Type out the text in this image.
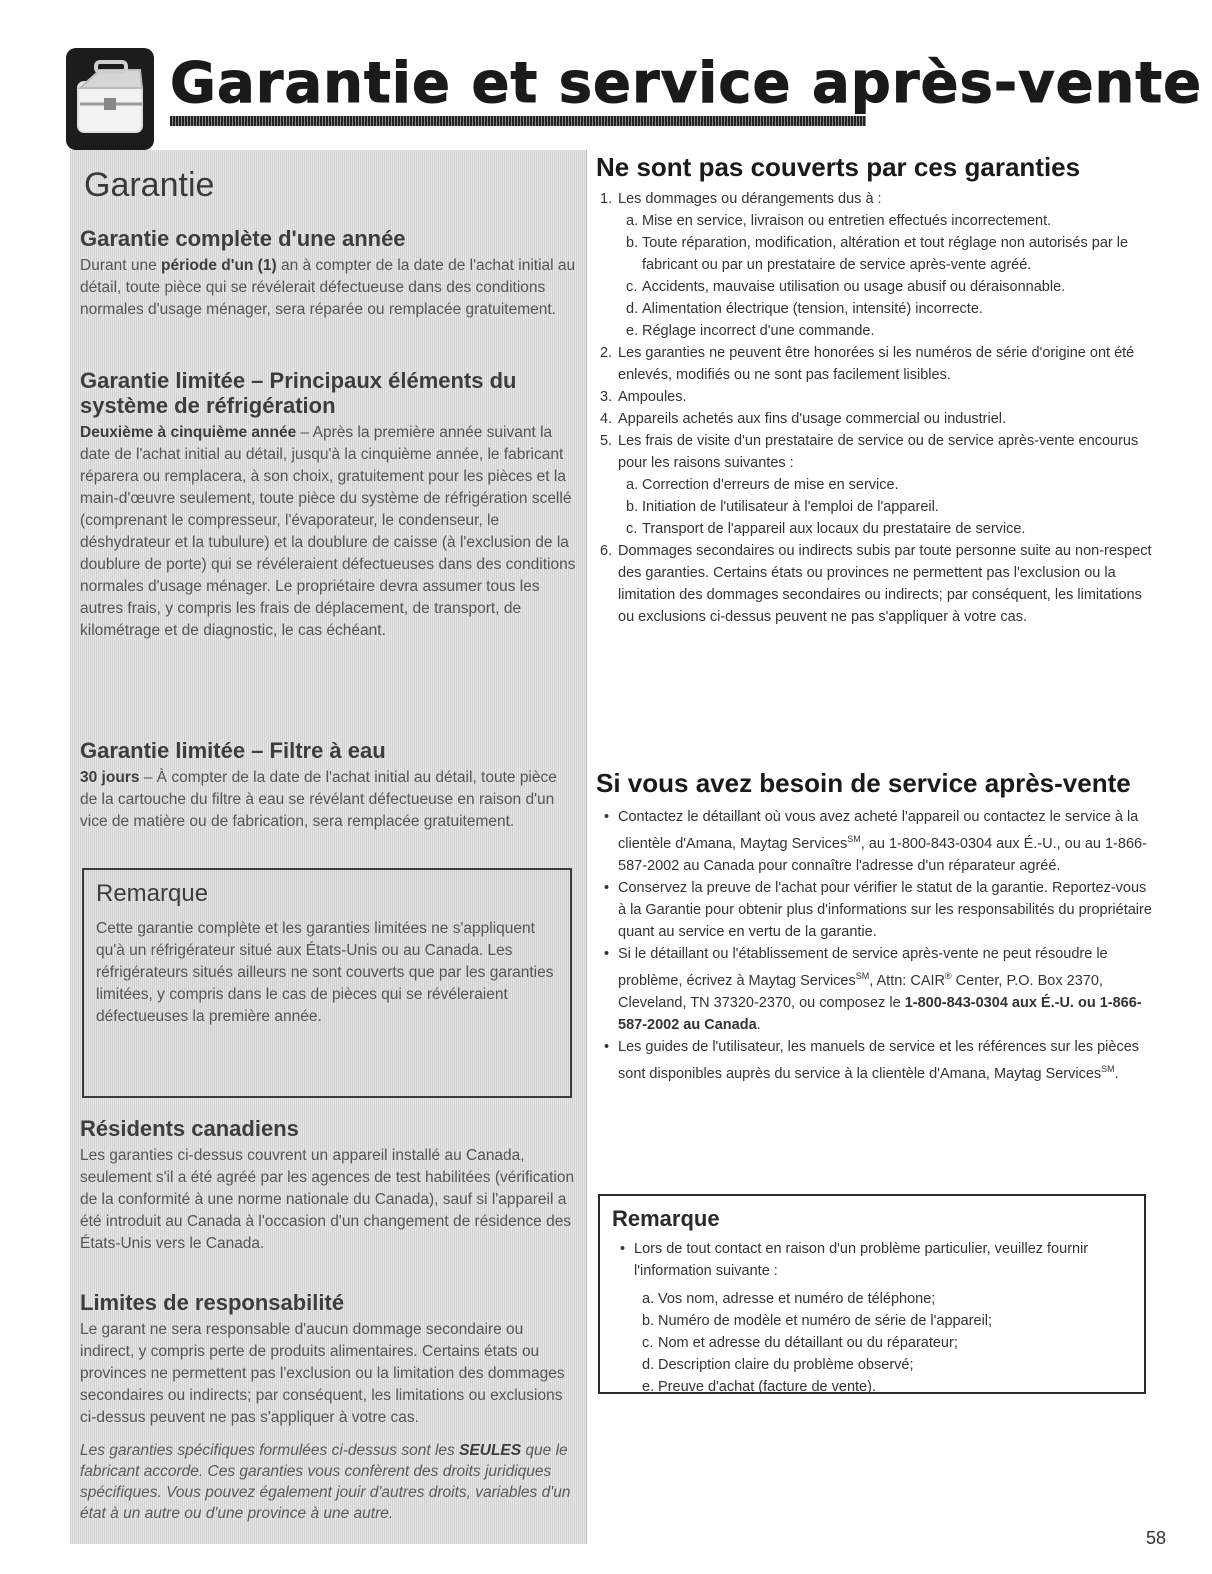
Garantie et service après-vente
Garantie
Garantie complète d'une année
Durant une période d'un (1) an à compter de la date de l'achat initial au détail, toute pièce qui se révélerait défectueuse dans des conditions normales d'usage ménager, sera réparée ou remplacée gratuitement.
Garantie limitée – Principaux éléments du système de réfrigération
Deuxième à cinquième année – Après la première année suivant la date de l'achat initial au détail, jusqu'à la cinquième année, le fabricant réparera ou remplacera, à son choix, gratuitement pour les pièces et la main-d'œuvre seulement, toute pièce du système de réfrigération scellé (comprenant le compresseur, l'évaporateur, le condenseur, le déshydrateur et la tubulure) et la doublure de caisse (à l'exclusion de la doublure de porte) qui se révéleraient défectueuses dans des conditions normales d'usage ménager. Le propriétaire devra assumer tous les autres frais, y compris les frais de déplacement, de transport, de kilométrage et de diagnostic, le cas échéant.
Garantie limitée – Filtre à eau
30 jours – À compter de la date de l'achat initial au détail, toute pièce de la cartouche du filtre à eau se révélant défectueuse en raison d'un vice de matière ou de fabrication, sera remplacée gratuitement.
Remarque
Cette garantie complète et les garanties limitées ne s'appliquent qu'à un réfrigérateur situé aux États-Unis ou au Canada. Les réfrigérateurs situés ailleurs ne sont couverts que par les garanties limitées, y compris dans le cas de pièces qui se révéleraient défectueuses la première année.
Résidents canadiens
Les garanties ci-dessus couvrent un appareil installé au Canada, seulement s'il a été agréé par les agences de test habilitées (vérification de la conformité à une norme nationale du Canada), sauf si l'appareil a été introduit au Canada à l'occasion d'un changement de résidence des États-Unis vers le Canada.
Limites de responsabilité
Le garant ne sera responsable d'aucun dommage secondaire ou indirect, y compris perte de produits alimentaires. Certains états ou provinces ne permettent pas l'exclusion ou la limitation des dommages secondaires ou indirects; par conséquent, les limitations ou exclusions ci-dessus peuvent ne pas s'appliquer à votre cas.
Les garanties spécifiques formulées ci-dessus sont les SEULES que le fabricant accorde. Ces garanties vous confèrent des droits juridiques spécifiques. Vous pouvez également jouir d'autres droits, variables d'un état à un autre ou d'une province à une autre.
Ne sont pas couverts par ces garanties
1. Les dommages ou dérangements dus à :
a. Mise en service, livraison ou entretien effectués incorrectement.
b. Toute réparation, modification, altération et tout réglage non autorisés par le fabricant ou par un prestataire de service après-vente agréé.
c. Accidents, mauvaise utilisation ou usage abusif ou déraisonnable.
d. Alimentation électrique (tension, intensité) incorrecte.
e. Réglage incorrect d'une commande.
2. Les garanties ne peuvent être honorées si les numéros de série d'origine ont été enlevés, modifiés ou ne sont pas facilement lisibles.
3. Ampoules.
4. Appareils achetés aux fins d'usage commercial ou industriel.
5. Les frais de visite d'un prestataire de service ou de service après-vente encourus pour les raisons suivantes :
a. Correction d'erreurs de mise en service.
b. Initiation de l'utilisateur à l'emploi de l'appareil.
c. Transport de l'appareil aux locaux du prestataire de service.
6. Dommages secondaires ou indirects subis par toute personne suite au non-respect des garanties. Certains états ou provinces ne permettent pas l'exclusion ou la limitation des dommages secondaires ou indirects; par conséquent, les limitations ou exclusions ci-dessus peuvent ne pas s'appliquer à votre cas.
Si vous avez besoin de service après-vente
• Contactez le détaillant où vous avez acheté l'appareil ou contactez le service à la clientèle d'Amana, Maytag Services℠, au 1-800-843-0304 aux É.-U., ou au 1-866-587-2002 au Canada pour connaître l'adresse d'un réparateur agréé.
• Conservez la preuve de l'achat pour vérifier le statut de la garantie. Reportez-vous à la Garantie pour obtenir plus d'informations sur les responsabilités du propriétaire quant au service en vertu de la garantie.
• Si le détaillant ou l'établissement de service après-vente ne peut résoudre le problème, écrivez à Maytag Services℠, Attn: CAIR® Center, P.O. Box 2370, Cleveland, TN 37320-2370, ou composez le 1-800-843-0304 aux É.-U. ou 1-866-587-2002 au Canada.
• Les guides de l'utilisateur, les manuels de service et les références sur les pièces sont disponibles auprès du service à la clientèle d'Amana, Maytag Services℠.
Remarque
• Lors de tout contact en raison d'un problème particulier, veuillez fournir l'information suivante :
a. Vos nom, adresse et numéro de téléphone;
b. Numéro de modèle et numéro de série de l'appareil;
c. Nom et adresse du détaillant ou du réparateur;
d. Description claire du problème observé;
e. Preuve d'achat (facture de vente).
58
